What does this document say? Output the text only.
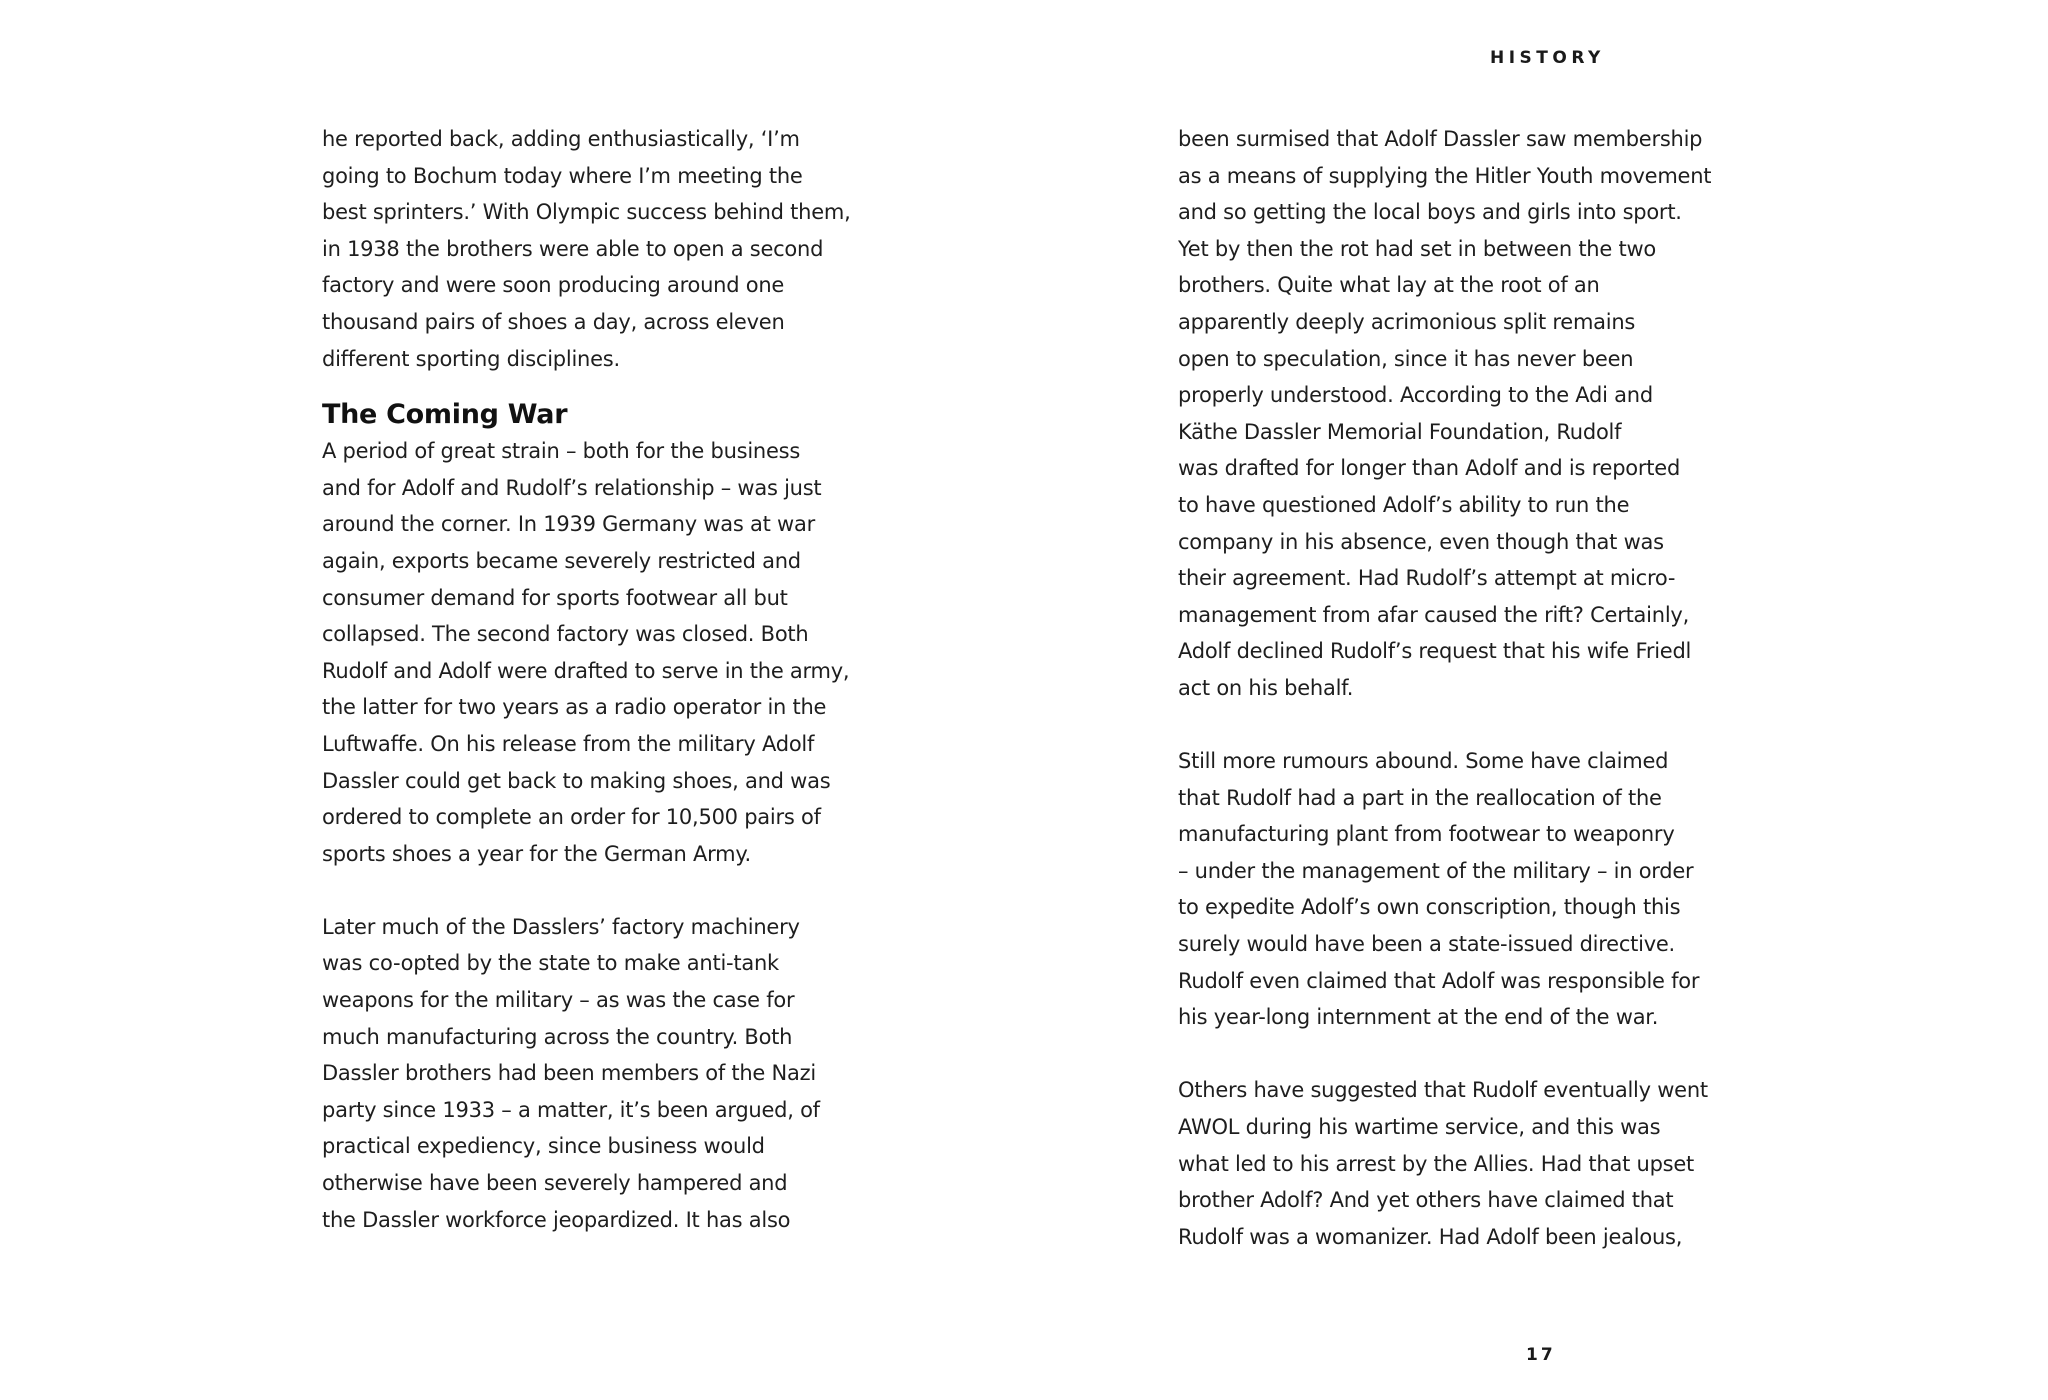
HISTORY
he reported back, adding enthusiastically, ‘I’m
going to Bochum today where I’m meeting the
best sprinters.’ With Olympic success behind them,
in 1938 the brothers were able to open a second
factory and were soon producing around one
thousand pairs of shoes a day, across eleven
different sporting disciplines.
The Coming War
A period of great strain – both for the business
and for Adolf and Rudolf’s relationship – was just
around the corner. In 1939 Germany was at war
again, exports became severely restricted and
consumer demand for sports footwear all but
collapsed. The second factory was closed. Both
Rudolf and Adolf were drafted to serve in the army,
the latter for two years as a radio operator in the
Luftwaffe. On his release from the military Adolf
Dassler could get back to making shoes, and was
ordered to complete an order for 10,500 pairs of
sports shoes a year for the German Army.
Later much of the Dasslers’ factory machinery
was co-opted by the state to make anti-tank
weapons for the military – as was the case for
much manufacturing across the country. Both
Dassler brothers had been members of the Nazi
party since 1933 – a matter, it’s been argued, of
practical expediency, since business would
otherwise have been severely hampered and
the Dassler workforce jeopardized. It has also
been surmised that Adolf Dassler saw membership
as a means of supplying the Hitler Youth movement
and so getting the local boys and girls into sport.
Yet by then the rot had set in between the two
brothers. Quite what lay at the root of an
apparently deeply acrimonious split remains
open to speculation, since it has never been
properly understood. According to the Adi and
Käthe Dassler Memorial Foundation, Rudolf
was drafted for longer than Adolf and is reported
to have questioned Adolf’s ability to run the
company in his absence, even though that was
their agreement. Had Rudolf’s attempt at micro-
management from afar caused the rift? Certainly,
Adolf declined Rudolf’s request that his wife Friedl
act on his behalf.
Still more rumours abound. Some have claimed
that Rudolf had a part in the reallocation of the
manufacturing plant from footwear to weaponry
– under the management of the military – in order
to expedite Adolf’s own conscription, though this
surely would have been a state-issued directive.
Rudolf even claimed that Adolf was responsible for
his year-long internment at the end of the war.
Others have suggested that Rudolf eventually went
AWOL during his wartime service, and this was
what led to his arrest by the Allies. Had that upset
brother Adolf? And yet others have claimed that
Rudolf was a womanizer. Had Adolf been jealous,
17
